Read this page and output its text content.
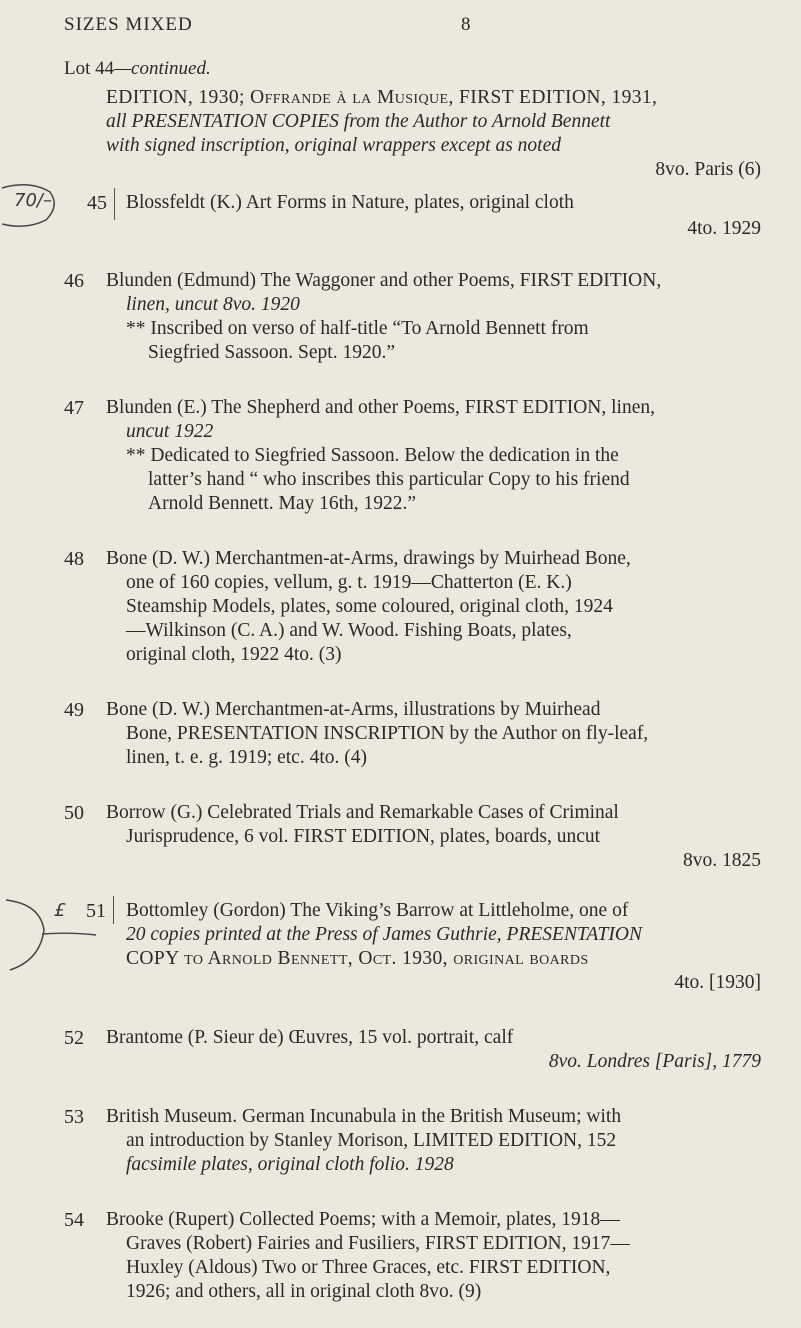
SIZES MIXED	8
Lot 44—continued.
EDITION, 1930; Offrande à la Musique, FIRST EDITION, 1931,
all PRESENTATION COPIES from the Author to Arnold Bennett
with signed inscription, original wrappers except as noted
8vo. Paris (6)
70/– 45 Blossfeldt (K.) Art Forms in Nature, plates, original cloth
4to. 1929
46 Blunden (Edmund) The Waggoner and other Poems, FIRST EDITION,
linen, uncut 8vo. 1920
** Inscribed on verso of half-title “To Arnold Bennett from
Siegfried Sassoon. Sept. 1920.”
47 Blunden (E.) The Shepherd and other Poems, FIRST EDITION, linen,
uncut 1922
** Dedicated to Siegfried Sassoon. Below the dedication in the
latter’s hand “ who inscribes this particular Copy to his friend
Arnold Bennett. May 16th, 1922.”
48 Bone (D. W.) Merchantmen-at-Arms, drawings by Muirhead Bone,
one of 160 copies, vellum, g. t. 1919—Chatterton (E. K.)
Steamship Models, plates, some coloured, original cloth, 1924
—Wilkinson (C. A.) and W. Wood. Fishing Boats, plates,
original cloth, 1922 4to. (3)
49 Bone (D. W.) Merchantmen-at-Arms, illustrations by Muirhead
Bone, PRESENTATION INSCRIPTION by the Author on fly-leaf,
linen, t. e. g. 1919; etc. 4to. (4)
50 Borrow (G.) Celebrated Trials and Remarkable Cases of Criminal
Jurisprudence, 6 vol. FIRST EDITION, plates, boards, uncut
8vo. 1825
£ 51 Bottomley (Gordon) The Viking’s Barrow at Littleholme, one of
20 copies printed at the Press of James Guthrie, PRESENTATION
COPY to Arnold Bennett, Oct. 1930, original boards
4to. [1930]
52 Brantome (P. Sieur de) Œuvres, 15 vol. portrait, calf
8vo. Londres [Paris], 1779
53 British Museum. German Incunabula in the British Museum; with
an introduction by Stanley Morison, LIMITED EDITION, 152
facsimile plates, original cloth folio. 1928
54 Brooke (Rupert) Collected Poems; with a Memoir, plates, 1918—
Graves (Robert) Fairies and Fusiliers, FIRST EDITION, 1917—
Huxley (Aldous) Two or Three Graces, etc. FIRST EDITION,
1926; and others, all in original cloth 8vo. (9)
